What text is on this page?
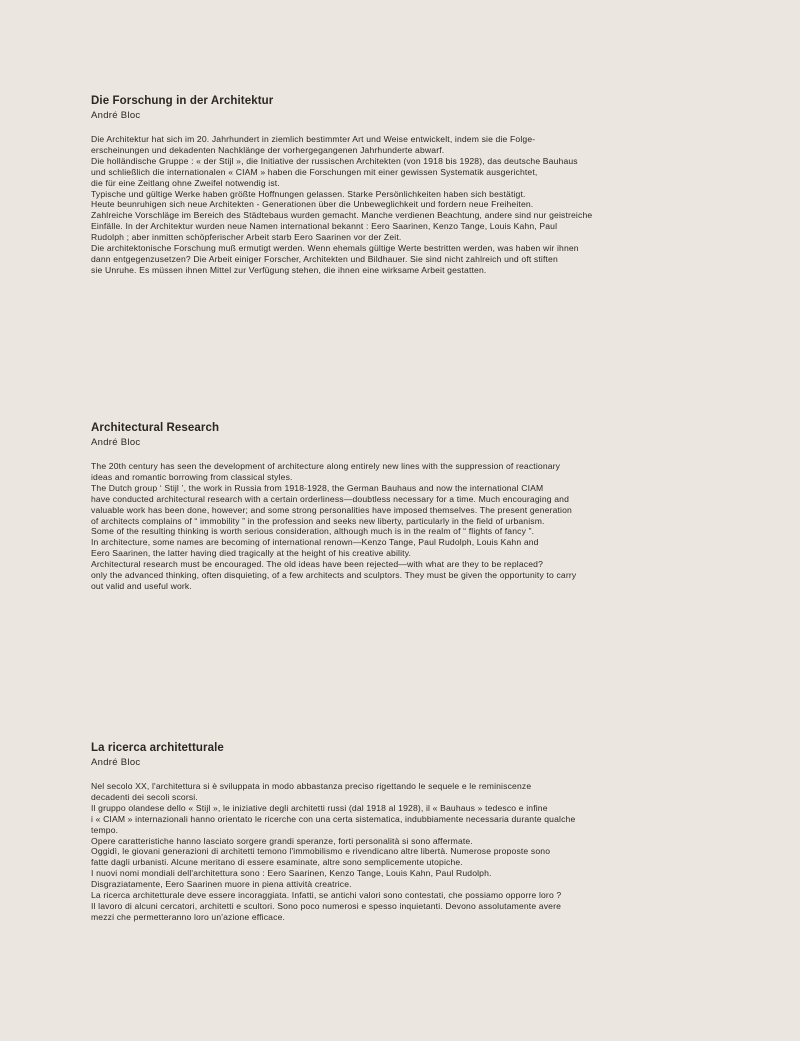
Die Forschung in der Architektur
André Bloc

Die Architektur hat sich im 20. Jahrhundert in ziemlich bestimmter Art und Weise entwickelt, indem sie die Folge-

erscheinungen und dekadenten Nachklänge der vorhergegangenen Jahrhunderte abwarf.

Die holländische Gruppe : « der Stijl », die Initiative der russischen Architekten (von 1918 bis 1928), das deutsche Bauhaus

und schließlich die internationalen « CIAM » haben die Forschungen mit einer gewissen Systematik ausgerichtet,

die für eine Zeitlang ohne Zweifel notwendig ist.

Typische und gültige Werke haben größte Hoffnungen gelassen. Starke Persönlichkeiten haben sich bestätigt.

Heute beunruhigen sich neue Architekten - Generationen über die Unbeweglichkeit und fordern neue Freiheiten.

Zahlreiche Vorschläge im Bereich des Städtebaus wurden gemacht. Manche verdienen Beachtung, andere sind nur geistreiche

Einfälle. In der Architektur wurden neue Namen international bekannt : Eero Saarinen, Kenzo Tange, Louis Kahn, Paul

Rudolph ; aber inmitten schöpferischer Arbeit starb Eero Saarinen vor der Zeit.

Die architektonische Forschung muß ermutigt werden. Wenn ehemals gültige Werte bestritten werden, was haben wir ihnen

dann entgegenzusetzen? Die Arbeit einiger Forscher, Architekten und Bildhauer. Sie sind nicht zahlreich und oft stiften

sie Unruhe. Es müssen ihnen Mittel zur Verfügung stehen, die ihnen eine wirksame Arbeit gestatten.

Architectural Research
André Bloc

The 20th century has seen the development of architecture along entirely new lines with the suppression of reactionary

ideas and romantic borrowing from classical styles.

The Dutch group ‘ Stijl ’, the work in Russia from 1918-1928, the German Bauhaus and now the international CIAM

have conducted architectural research with a certain orderliness—doubtless necessary for a time. Much encouraging and

valuable work has been done, however; and some strong personalities have imposed themselves. The present generation

of architects complains of “ immobility ” in the profession and seeks new liberty, particularly in the field of urbanism.

Some of the resulting thinking is worth serious consideration, although much is in the realm of “ flights of fancy ”.

In architecture, some names are becoming of international renown—Kenzo Tange, Paul Rudolph, Louis Kahn and

Eero Saarinen, the latter having died tragically at the height of his creative ability.

Architectural research must be encouraged. The old ideas have been rejected—with what are they to be replaced?

only the advanced thinking, often disquieting, of a few architects and sculptors. They must be given the opportunity to carry

out valid and useful work.

La ricerca architetturale
André Bloc

Nel secolo XX, l'architettura si è sviluppata in modo abbastanza preciso rigettando le sequele e le reminiscenze

decadenti dei secoli scorsi.

Il gruppo olandese dello « Stijl », le iniziative degli architetti russi (dal 1918 al 1928), il « Bauhaus » tedesco e infine

i « CIAM » internazionali hanno orientato le ricerche con una certa sistematica, indubbiamente necessaria durante qualche

tempo.

Opere caratteristiche hanno lasciato sorgere grandi speranze, forti personalità si sono affermate.

Oggidì, le giovani generazioni di architetti temono l'immobilismo e rivendicano altre libertà. Numerose proposte sono

fatte dagli urbanisti. Alcune meritano di essere esaminate, altre sono semplicemente utopiche.

I nuovi nomi mondiali dell'architettura sono : Eero Saarinen, Kenzo Tange, Louis Kahn, Paul Rudolph.

Disgraziatamente, Eero Saarinen muore in piena attività creatrice.

La ricerca architetturale deve essere incoraggiata. Infatti, se antichi valori sono contestati, che possiamo opporre loro ?

Il lavoro di alcuni cercatori, architetti e scultori. Sono poco numerosi e spesso inquietanti. Devono assolutamente avere

mezzi che permetteranno loro un'azione efficace.
